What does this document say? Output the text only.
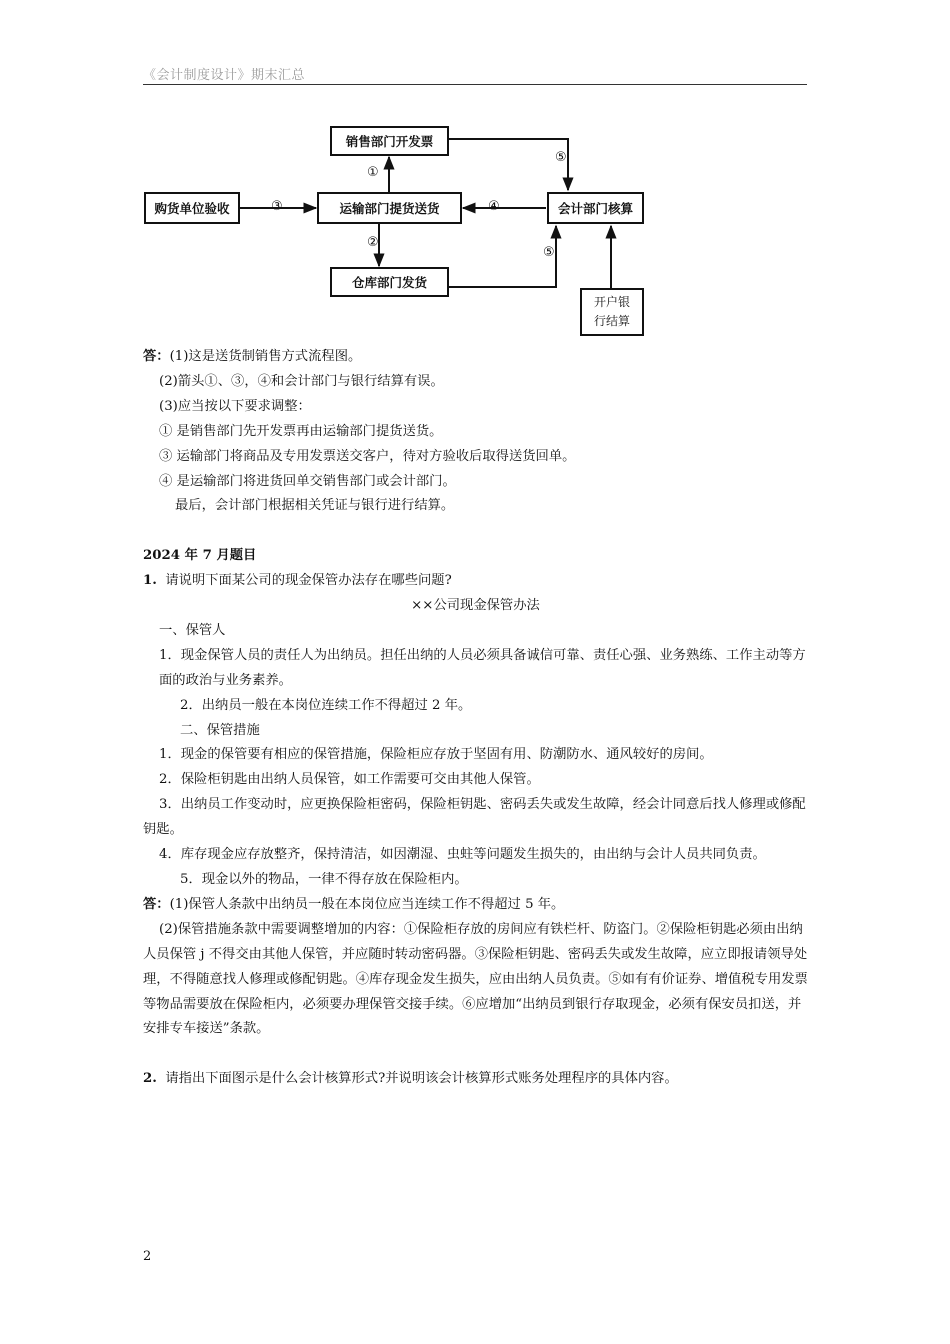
《会计制度设计》期末汇总
销售部门开发票
购货单位验收	运输部门提货送货	会计部门核算
仓库部门发货
开户银
行结算
①
③	④
②
⑤
⑤

答：(1)这是送货制销售方式流程图。

(2)箭头①、③，④和会计部门与银行结算有误。

(3)应当按以下要求调整：

① 是销售部门先开发票再由运输部门提货送货。

③ 运输部门将商品及专用发票送交客户，待对方验收后取得送货回单。

④ 是运输部门将进货回单交销售部门或会计部门。

最后，会计部门根据相关凭证与银行进行结算。

2024 年 7 月题目

1. 请说明下面某公司的现金保管办法存在哪些问题?

××公司现金保管办法

一、保管人

1．现金保管人员的责任人为出纳员。担任出纳的人员必须具备诚信可靠、责任心强、业务熟练、工作主动等方面的政治与业务素养。

2．出纳员一般在本岗位连续工作不得超过 2 年。

二、保管措施

1．现金的保管要有相应的保管措施，保险柜应存放于坚固有用、防潮防水、通风较好的房间。

2．保险柜钥匙由出纳人员保管，如工作需要可交由其他人保管。

3．出纳员工作变动时，应更换保险柜密码，保险柜钥匙、密码丢失或发生故障，经会计同意后找人修理或修配钥匙。

4．库存现金应存放整齐，保持清洁，如因潮湿、虫蛀等问题发生损失的，由出纳与会计人员共同负责。

5．现金以外的物品，一律不得存放在保险柜内。

答：(1)保管人条款中出纳员一般在本岗位应当连续工作不得超过 5 年。

(2)保管措施条款中需要调整增加的内容：①保险柜存放的房间应有铁栏杆、防盗门。②保险柜钥匙必须由出纳人员保管 j 不得交由其他人保管，并应随时转动密码器。③保险柜钥匙、密码丢失或发生故障，应立即报请领导处理，不得随意找人修理或修配钥匙。④库存现金发生损失，应由出纳人员负责。⑤如有有价证券、增值税专用发票等物品需要放在保险柜内，必须要办理保管交接手续。⑥应增加“出纳员到银行存取现金，必须有保安员扣送，并安排专车接送”条款。

2. 请指出下面图示是什么会计核算形式?并说明该会计核算形式账务处理程序的具体内容。

2
